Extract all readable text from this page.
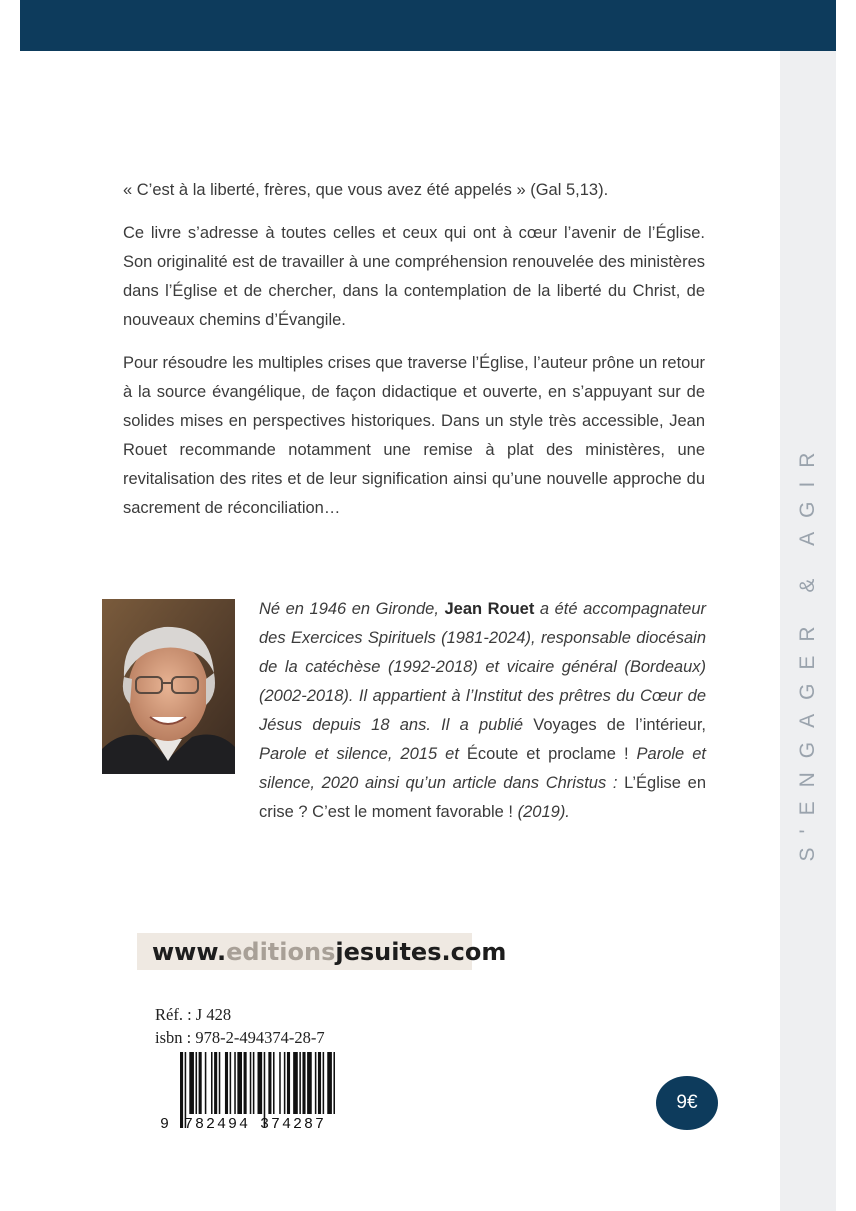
S'ENGAGER & AGIR

« C’est à la liberté, frères, que vous avez été appelés » (Gal 5,13).

Ce livre s’adresse à toutes celles et ceux qui ont à cœur l’avenir de l’Église. Son originalité est de travailler à une compréhension renouvelée des ministères dans l’Église et de chercher, dans la contemplation de la liberté du Christ, de nouveaux chemins d’Évangile.

Pour résoudre les multiples crises que traverse l’Église, l’auteur prône un retour à la source évangélique, de façon didactique et ouverte, en s’appuyant sur de solides mises en perspectives historiques. Dans un style très accessible, Jean Rouet recommande notamment une remise à plat des ministères, une revitalisation des rites et de leur signification ainsi qu’une nouvelle approche du sacrement de réconciliation…

Né en 1946 en Gironde, Jean Rouet a été accompagnateur des Exercices Spirituels (1981-2024), responsable diocésain de la catéchèse (1992-2018) et vicaire général (Bordeaux) (2002-2018). Il appartient à l’Institut des prêtres du Cœur de Jésus depuis 18 ans. Il a publié Voyages de l’intérieur, Parole et silence, 2015 et Écoute et proclame ! Parole et silence, 2020 ainsi qu’un article dans Christus : L’Église en crise ? C’est le moment favorable ! (2019).
www. editions jesuites.com
Réf. : J 428
isbn : 978-2-494374-28-7
9 782494 374287
9€
